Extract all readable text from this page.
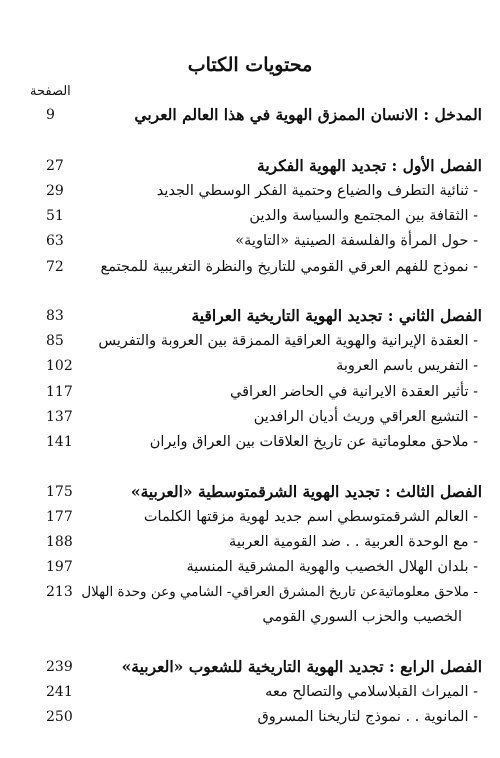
محتويات الكتاب
الصفحة
المدخل : الانسان الممزق الهوية في هذا العالم العربي
9
الفصل الأول : تجديد الهوية الفكرية
27
- ثنائية التطرف والضياع وحتمية الفكر الوسطي الجديد
29
- الثقافة بين المجتمع والسياسة والدين
51
- حول المرأة والفلسفة الصينية «التاوية»
63
- نموذج للفهم العرقي القومي للتاريخ والنظرة التغريبية للمجتمع
72
الفصل الثاني : تجديد الهوية التاريخية العراقية
83
- العقدة الإيرانية والهوية العراقية الممزقة بين العروبة والتفريس
85
- التفريس باسم العروبة
102
- تأثير العقدة الايرانية في الحاضر العراقي
117
- التشيع العراقي وريث أديان الرافدين
137
- ملاحق معلوماتية عن تاريخ العلاقات بين العراق وايران
141
الفصل الثالث : تجديد الهوية الشرقمتوسطية «العربية»
175
- العالم الشرقمتوسطي اسم جديد لهوية مزقتها الكلمات
177
- مع الوحدة العربية . . ضد القومية العربية
188
- بلدان الهلال الخصيب والهوية المشرقية المنسية
197
- ملاحق معلوماتيةعن تاريخ المشرق العراقي- الشامي وعن وحدة الهلال
213
الخصيب والحزب السوري القومي
الفصل الرابع : تجديد الهوية التاريخية للشعوب «العربية»
239
- الميراث القبلاسلامي والتصالح معه
241
- المانوية . . نموذج لتاريخنا المسروق
250
